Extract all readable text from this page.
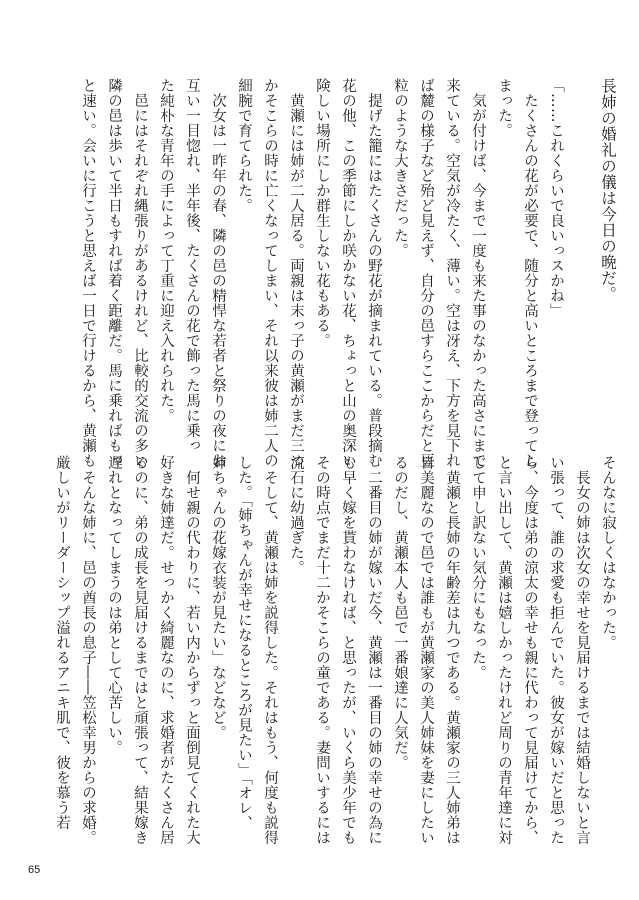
長姉の婚礼の儀は今日の晩だ。

「……これくらいで良いっスかね」
　たくさんの花が必要で、随分と高いところまで登ってし
まった。
　気が付けば、今まで一度も来た事のなかった高さにまで
来ている。空気が冷たく、薄い。空は冴え、下方を見下れ
ば麓の様子など殆ど見えず、自分の邑すらここからだと豆
粒のような大きさだった。
　提げた籠にはたくさんの野花が摘まれている。普段摘む
花の他、この季節にしか咲かない花、ちょっと山の奥深い
険しい場所にしか群生しない花もある。
　黄瀬には姉が二人居る。両親は末っ子の黄瀬がまだ三つ
かそこらの時に亡くなってしまい、それ以来彼は姉二人の
細腕で育てられた。
　次女は一昨年の春、隣の邑の精悍な若者と祭りの夜にお
互い一目惚れ、半年後、たくさんの花で飾った馬に乗っ
た純朴な青年の手によって丁重に迎え入れられた。
　邑にはそれぞれ縄張りがあるけれど、比較的交流の多い
隣の邑は歩いて半日もすれば着く距離だ。馬に乗ればもっ
と速い。会いに行こうと思えば一日で行けるから、黄瀬も
そんなに寂しくはなかった。
　長女の姉は次女の幸せを見届けるまでは結婚しないと言
い張って、誰の求愛も拒んでいた。彼女が嫁いだと思った
ら、今度は弟の涼太の幸せも親に代わって見届けてから、
と言い出して、黄瀬は嬉しかったけれど周りの青年達に対
して申し訳ない気分にもなった。
　黄瀬と長姉の年齢差は九つである。黄瀬家の三人姉弟は
皆美麗なので邑では誰もが黄瀬家の美人姉妹を妻にしたい
るのだし、黄瀬本人も邑で一番娘達に人気だ。
　二番目の姉が嫁いだ今、黄瀬は一番目の姉の幸せの為に
も早く嫁を貰わなければ、と思ったが、いくら美少年でも
その時点でまだ十二かそこらの童である。妻問いするには
流石に幼過ぎた。
　そして、黄瀬は姉を説得した。それはもう、何度も説得
した。「姉ちゃんが幸せになるところが見たい」「オレ、
姉ちゃんの花嫁衣装が見たい」などなど。
　何せ親の代わりに、若い内からずっと面倒見てくれた大
好きな姉達だ。せっかく綺麗なのに、求婚者がたくさん居
るのに、弟の成長を見届けるまではと頑張って、結果嫁き
遅れとなってしまうのは弟として心苦しい。
　そんな姉に、邑の酋長の息子――笠松幸男からの求婚。
厳しいがリーダーシップ溢れるアニキ肌で、彼を慕う若
65
